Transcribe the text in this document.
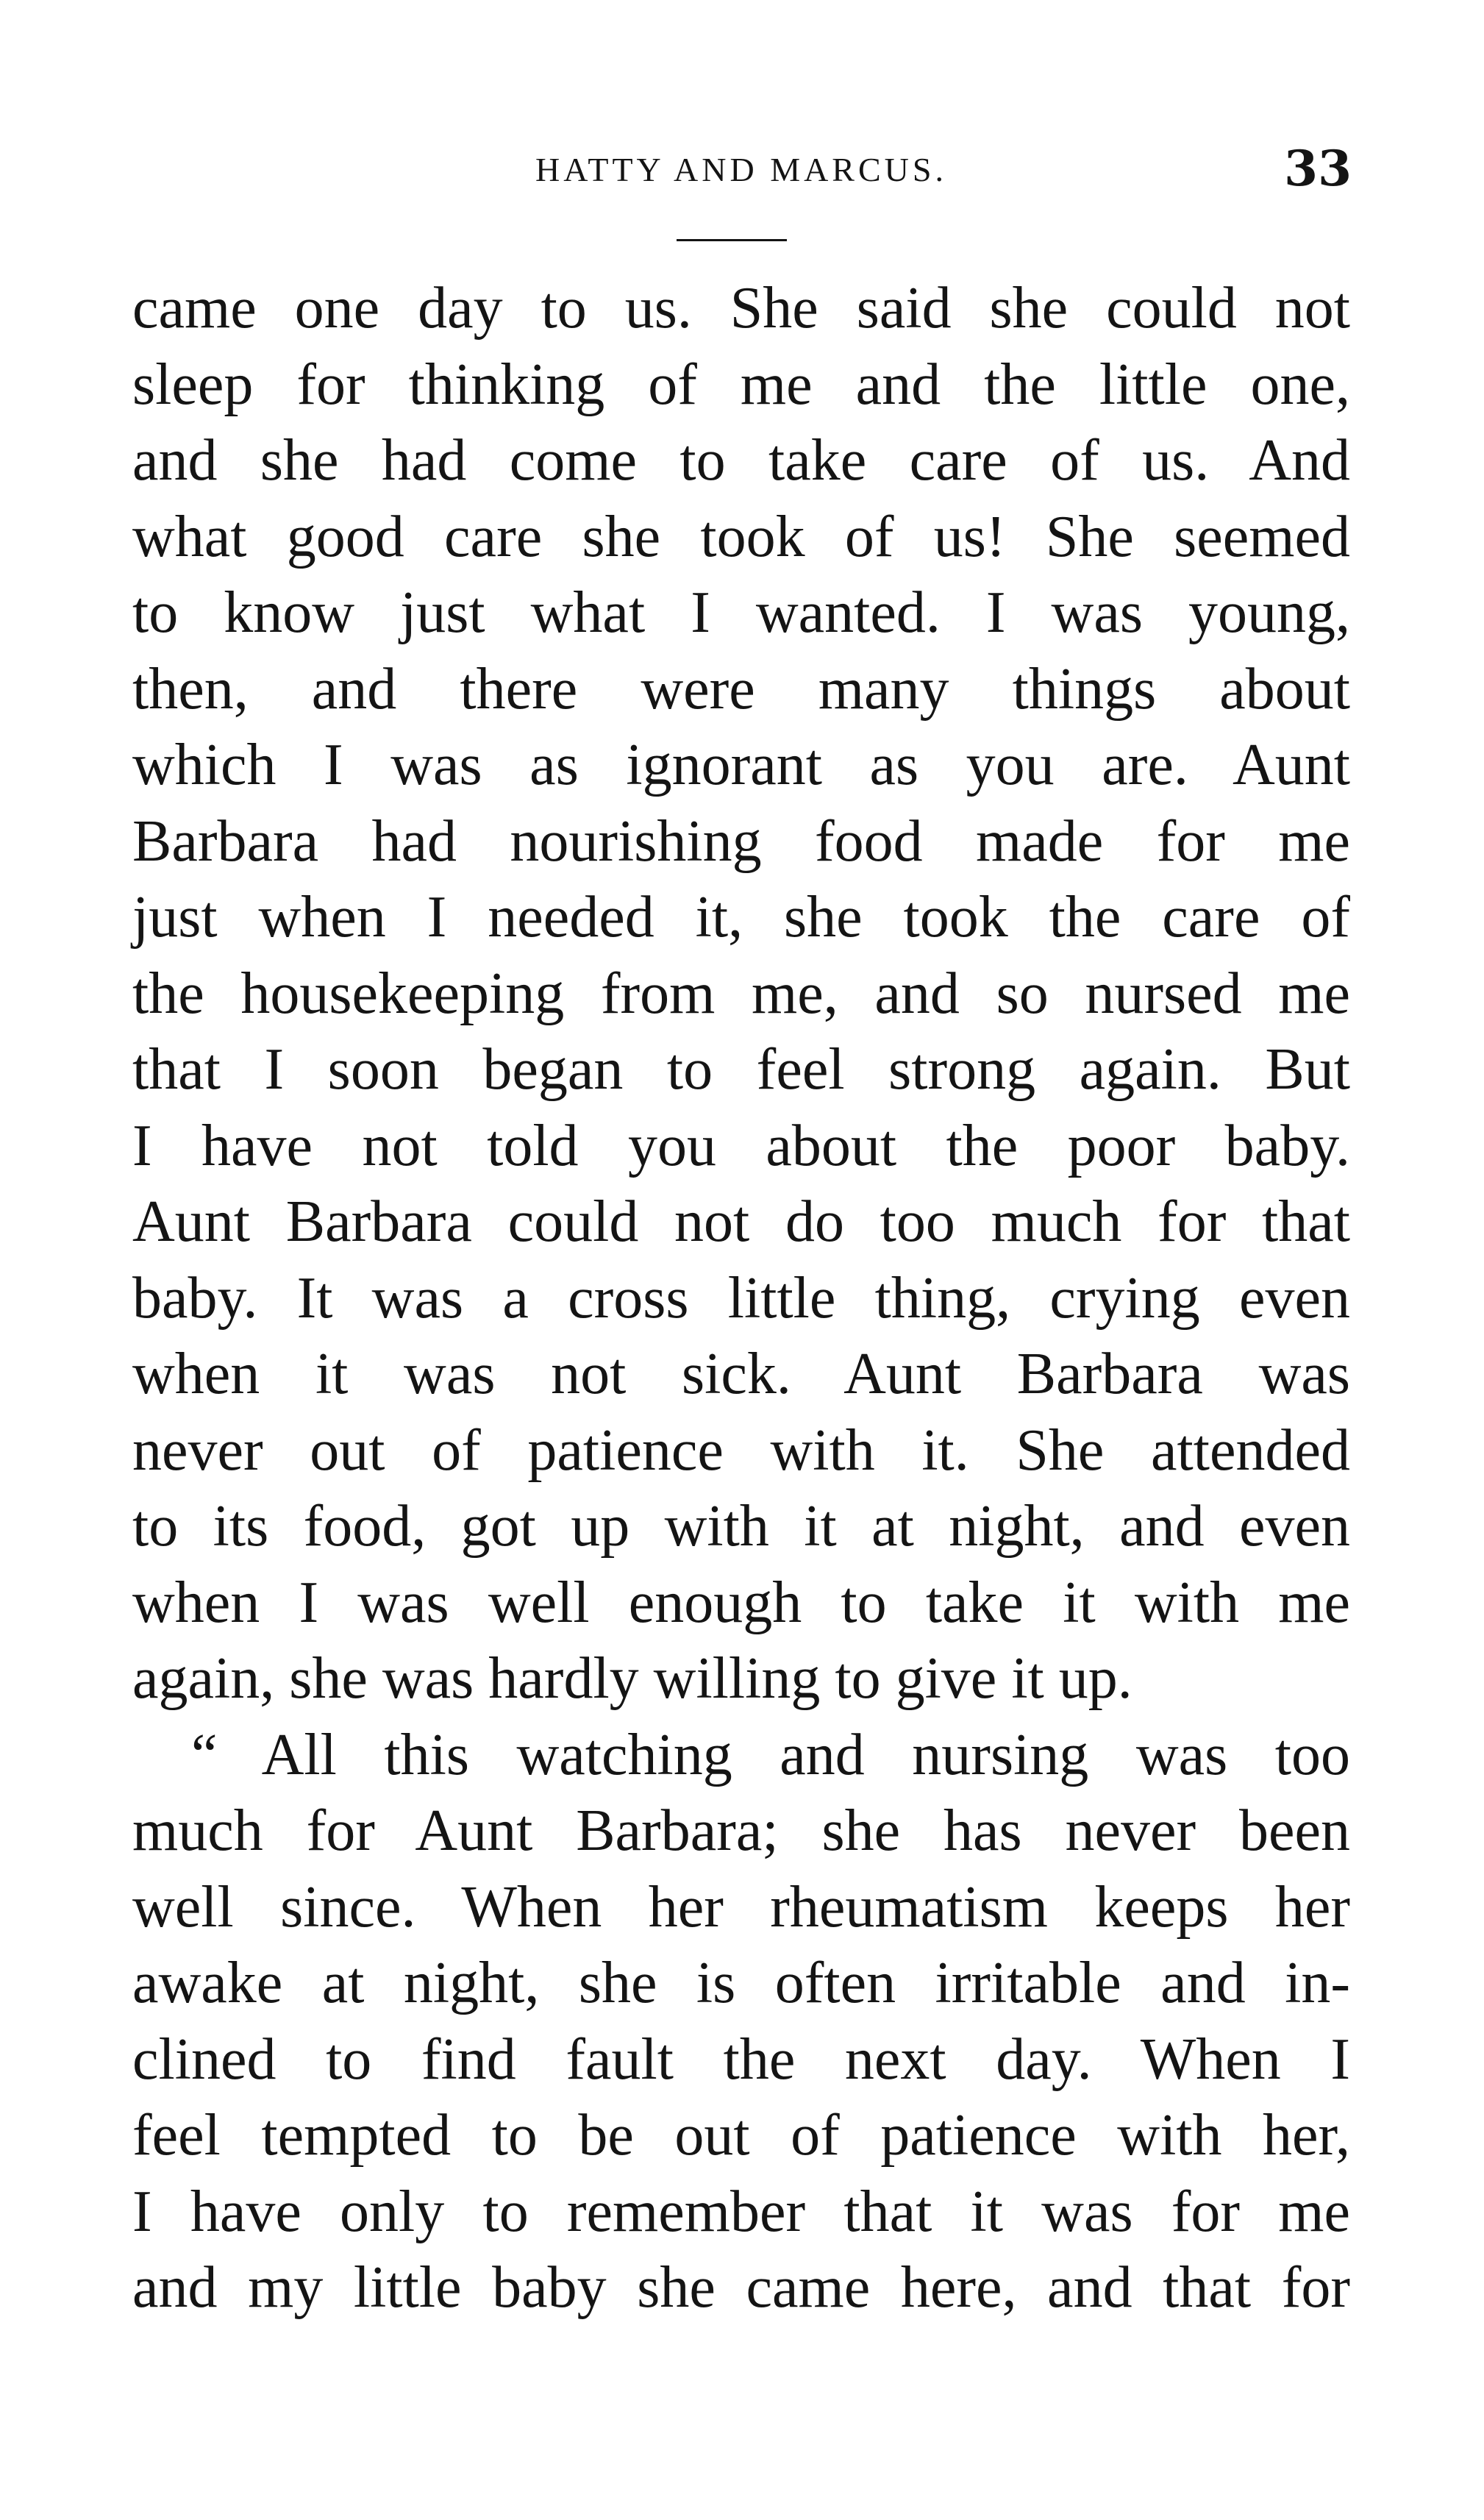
HATTY AND MARCUS.	33
came one day to us. She said she could not
sleep for thinking of me and the little one,
and she had come to take care of us. And
what good care she took of us! She seemed
to know just what I wanted. I was young,
then, and there were many things about
which I was as ignorant as you are. Aunt
Barbara had nourishing food made for me
just when I needed it, she took the care of
the housekeeping from me, and so nursed me
that I soon began to feel strong again. But
I have not told you about the poor baby.
Aunt Barbara could not do too much for that
baby. It was a cross little thing, crying even
when it was not sick. Aunt Barbara was
never out of patience with it. She attended
to its food, got up with it at night, and even
when I was well enough to take it with me
again, she was hardly willing to give it up.
“ All this watching and nursing was too
much for Aunt Barbara; she has never been
well since. When her rheumatism keeps her
awake at night, she is often irritable and in-
clined to find fault the next day. When I
feel tempted to be out of patience with her,
I have only to remember that it was for me
and my little baby she came here, and that for
